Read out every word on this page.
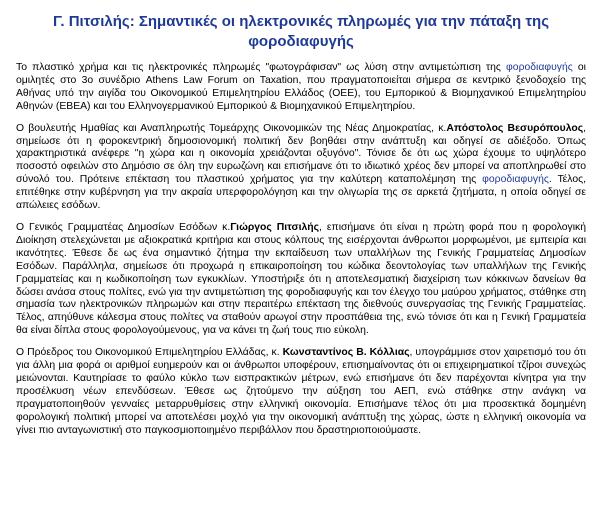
Γ. Πιτσιλής: Σημαντικές οι ηλεκτρονικές πληρωμές για την πάταξη της φοροδιαφυγής

Το πλαστικό χρήμα και τις ηλεκτρονικές πληρωμές "φωτογράφισαν" ως λύση στην αντιμετώπιση της φοροδιαφυγής οι ομιλητές στο 3ο συνέδριο Athens Law Forum on Taxation, που πραγματοποιείται σήμερα σε κεντρικό ξενοδοχείο της Αθήνας υπό την αιγίδα του Οικονομικού Επιμελητηρίου Ελλάδος (ΟΕΕ), του Εμπορικού & Βιομηχανικού Επιμελητηρίου Αθηνών (ΕΒΕΑ) και του Ελληνογερμανικού Εμπορικού & Βιομηχανικού Επιμελητηρίου.

Ο βουλευτής Ημαθίας και Αναπληρωτής Τομεάρχης Οικονομικών της Νέας Δημοκρατίας, κ.Απόστολος Βεσυρόπουλος, σημείωσε ότι η φοροκεντρική δημοσιονομική πολιτική δεν βοηθάει στην ανάπτυξη και οδηγεί σε αδιέξοδο. Όπως χαρακτηριστικά ανέφερε "η χώρα και η οικονομία χρειάζονται οξυγόνο". Τόνισε δε ότι ως χώρα έχουμε το υψηλότερο ποσοστό οφειλών στο Δημόσιο σε όλη την ευρωζώνη και επισήμανε ότι το ιδιωτικό χρέος δεν μπορεί να αποπληρωθεί στο σύνολό του. Πρότεινε επέκταση του πλαστικού χρήματος για την καλύτερη καταπολέμηση της φοροδιαφυγής. Τέλος, επιτέθηκε στην κυβέρνηση για την ακραία υπερφορολόγηση και την ολιγωρία της σε αρκετά ζητήματα, η οποία οδηγεί σε απώλειες εσόδων.

Ο Γενικός Γραμματέας Δημοσίων Εσόδων κ.Γιώργος Πιτσιλής, επισήμανε ότι είναι η πρώτη φορά που η φορολογική Διοίκηση στελεχώνεται με αξιοκρατικά κριτήρια και στους κόλπους της εισέρχονται άνθρωποι μορφωμένοι, με εμπειρία και ικανότητες. Έθεσε δε ως ένα σημαντικό ζήτημα την εκπαίδευση των υπαλλήλων της Γενικής Γραμματείας Δημοσίων Εσόδων. Παράλληλα, σημείωσε ότι προχωρά η επικαιροποίηση του κώδικα δεοντολογίας των υπαλλήλων της Γενικής Γραμματείας και η κωδικοποίηση των εγκυκλίων. Υποστήριξε ότι η αποτελεσματική διαχείριση των κόκκινων δανείων θα δώσει ανάσα στους πολίτες, ενώ για την αντιμετώπιση της φοροδιαφυγής και τον έλεγχο του μαύρου χρήματος, στάθηκε στη σημασία των ηλεκτρονικών πληρωμών και στην περαιτέρω επέκταση της διεθνούς συνεργασίας της Γενικής Γραμματείας. Τέλος, απηύθυνε κάλεσμα στους πολίτες να σταθούν αρωγοί στην προσπάθεια της, ενώ τόνισε ότι και η Γενική Γραμματεία θα είναι δίπλα στους φορολογούμενους, για να κάνει τη ζωή τους πιο εύκολη.

Ο Πρόεδρος του Οικονομικού Επιμελητηρίου Ελλάδας, κ. Κωνσταντίνος Β. Κόλλιας, υπογράμμισε στον χαιρετισμό του ότι για άλλη μια φορά οι αριθμοί ευημερούν και οι άνθρωποι υποφέρουν, επισημαίνοντας ότι οι επιχειρηματικοί τζίροι συνεχώς μειώνονται. Καυτηρίασε το φαύλο κύκλο των εισπρακτικών μέτρων, ενώ επισήμανε ότι δεν παρέχονται κίνητρα για την προσέλκυση νέων επενδύσεων. Έθεσε ως ζητούμενο την αύξηση του ΑΕΠ, ενώ στάθηκε στην ανάγκη να πραγματοποιηθούν γενναίες μεταρρυθμίσεις στην ελληνική οικονομία. Επισήμανε τέλος ότι μια προσεκτικά δομημένη φορολογική πολιτική μπορεί να αποτελέσει μοχλό για την οικονομική ανάπτυξη της χώρας, ώστε η ελληνική οικονομία να γίνει πιο ανταγωνιστική στο παγκοσμιοποιημένο περιβάλλον που δραστηριοποιούμαστε.
